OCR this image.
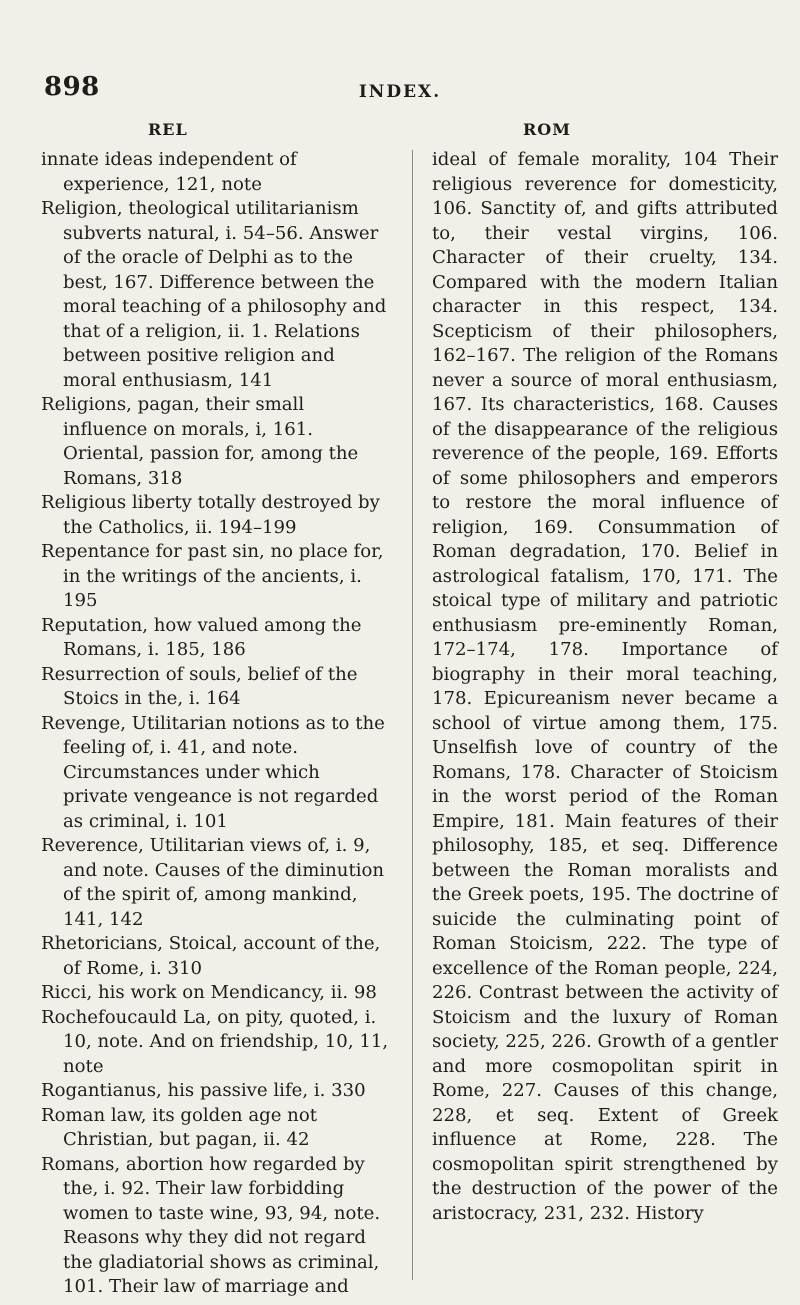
898	INDEX.
REL	ROM

innate ideas independent of experience, 121, note

Religion, theological utilitarianism subverts natural, i. 54–56. Answer of the oracle of Delphi as to the best, 167. Difference between the moral teaching of a philosophy and that of a religion, ii. 1. Relations between positive religion and moral enthusiasm, 141

Religions, pagan, their small influence on morals, i, 161. Oriental, passion for, among the Romans, 318

Religious liberty totally destroyed by the Catholics, ii. 194–199

Repentance for past sin, no place for, in the writings of the ancients, i. 195

Reputation, how valued among the Romans, i. 185, 186

Resurrection of souls, belief of the Stoics in the, i. 164

Revenge, Utilitarian notions as to the feeling of, i. 41, and note. Circumstances under which private vengeance is not regarded as criminal, i. 101

Reverence, Utilitarian views of, i. 9, and note. Causes of the diminution of the spirit of, among mankind, 141, 142

Rhetoricians, Stoical, account of the, of Rome, i. 310

Ricci, his work on Mendicancy, ii. 98

Rochefoucauld La, on pity, quoted, i. 10, note. And on friendship, 10, 11, note

Rogantianus, his passive life, i. 330

Roman law, its golden age not Christian, but pagan, ii. 42

Romans, abortion how regarded by the, i. 92. Their law forbidding women to taste wine, 93, 94, note. Reasons why they did not regard the gladiatorial shows as criminal, 101. Their law of marriage and

ideal of female morality, 104 Their religious reverence for domesticity, 106. Sanctity of, and gifts attributed to, their vestal virgins, 106. Character of their cruelty, 134. Compared with the modern Italian character in this respect, 134. Scepticism of their philosophers, 162–167. The religion of the Romans never a source of moral enthusiasm, 167. Its characteristics, 168. Causes of the disappearance of the religious reverence of the people, 169. Efforts of some philosophers and emperors to restore the moral influence of religion, 169. Consummation of Roman degradation, 170. Belief in astrological fatalism, 170, 171. The stoical type of military and patriotic enthusiasm pre-eminently Roman, 172–174, 178. Importance of biography in their moral teaching, 178. Epicureanism never became a school of virtue among them, 175. Unselfish love of country of the Romans, 178. Character of Stoicism in the worst period of the Roman Empire, 181. Main features of their philosophy, 185, et seq. Difference between the Roman moralists and the Greek poets, 195. The doctrine of suicide the culminating point of Roman Stoicism, 222. The type of excellence of the Roman people, 224, 226. Contrast between the activity of Stoicism and the luxury of Roman society, 225, 226. Growth of a gentler and more cosmopolitan spirit in Rome, 227. Causes of this change, 228, et seq. Extent of Greek influence at Rome, 228. The cosmopolitan spirit strengthened by the destruction of the power of the aristocracy, 231, 232. History
